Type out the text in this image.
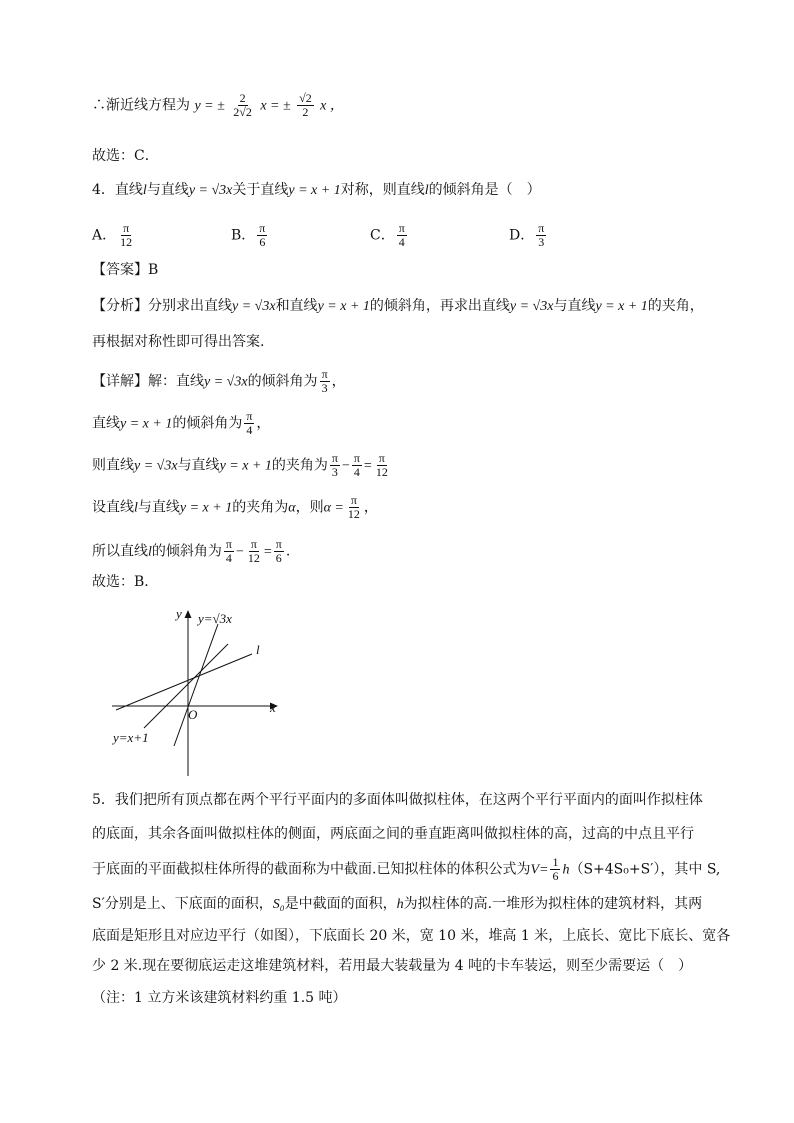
∴渐近线方程为 y = ± $\frac{2}{2√2}$ x = ± $\frac{√2}{2}$ x ，
故选：C．
4．直线l与直线y = √3x关于直线y = x + 1对称，则直线l的倾斜角是（　）
A． $\frac{\pi}{12}$	B． $\frac{\pi}{6}$	C． $\frac{\pi}{4}$	D． $\frac{\pi}{3}$
【答案】B
【分析】分别求出直线y = √3x和直线y = x + 1的倾斜角，再求出直线y = √3x与直线y = x + 1的夹角，
再根据对称性即可得出答案.
【详解】解：直线y = √3x的倾斜角为 $\frac{\pi}{3}$ ，
直线y = x + 1的倾斜角为 $\frac{\pi}{4}$ ，
则直线y = √3x与直线y = x + 1的夹角为 $\frac{\pi}{3} - \frac{\pi}{4} = \frac{\pi}{12}$
设直线l与直线y = x + 1的夹角为α，则$\alpha = \frac{\pi}{12}$ ，
所以直线l的倾斜角为 $\frac{\pi}{4} - \frac{\pi}{12} = \frac{\pi}{6}$ .
故选：B.
y
x
O
y=√3x
y=x+1
l
5．我们把所有顶点都在两个平行平面内的多面体叫做拟柱体，在这两个平行平面内的面叫作拟柱体
的底面，其余各面叫做拟柱体的侧面，两底面之间的垂直距离叫做拟柱体的高，过高的中点且平行
于底面的平面截拟柱体所得的截面称为中截面.已知拟柱体的体积公式为$V= \frac{1}{6} h(S+4S_0+S')$，其中 S,
S′分别是上、下底面的面积，S₀是中截面的面积，h为拟柱体的高.一堆形为拟柱体的建筑材料，其两
底面是矩形且对应边平行（如图），下底面长 20 米，宽 10 米，堆高 1 米，上底长、宽比下底长、宽各
少 2 米.现在要彻底运走这堆建筑材料，若用最大装载量为 4 吨的卡车装运，则至少需要运（　）
（注：1 立方米该建筑材料约重 1.5 吨）
